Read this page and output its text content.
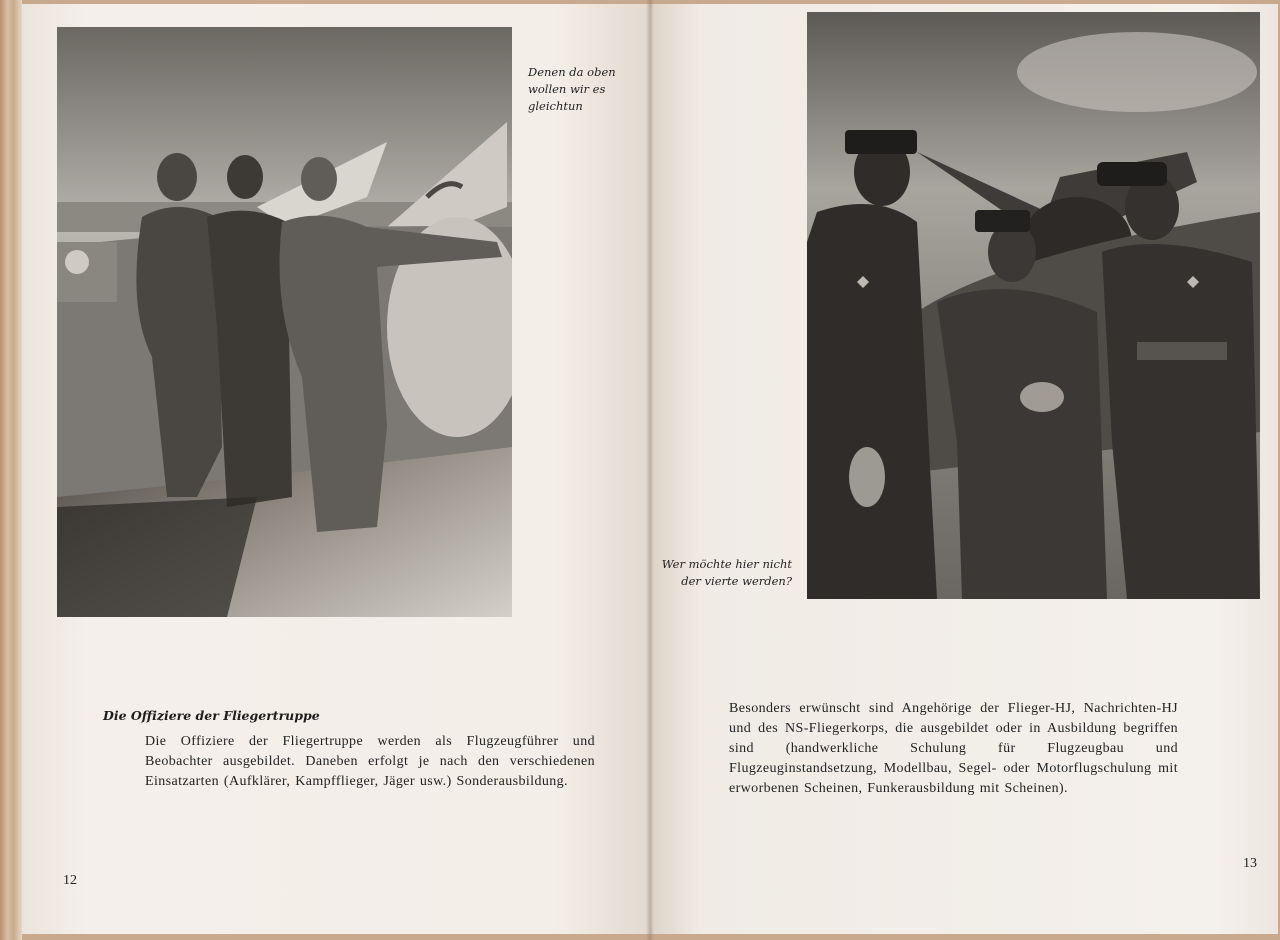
Denen da oben wollen wir es gleichtun
Die Offiziere der Fliegertruppe
Die Offiziere der Fliegertruppe werden als Flugzeugführer und Beobachter ausgebildet. Daneben erfolgt je nach den verschiedenen Einsatzarten (Aufklärer, Kampfflieger, Jäger usw.) Sonderausbildung.
12
Wer möchte hier nicht der vierte werden?
Besonders erwünscht sind Angehörige der Flieger-HJ, Nachrichten-HJ und des NS-Fliegerkorps, die ausgebildet oder in Ausbildung begriffen sind (handwerkliche Schulung für Flugzeugbau und Flugzeuginstandsetzung, Modellbau, Segel- oder Motorflugschulung mit erworbenen Scheinen, Funkerausbildung mit Scheinen).
13
